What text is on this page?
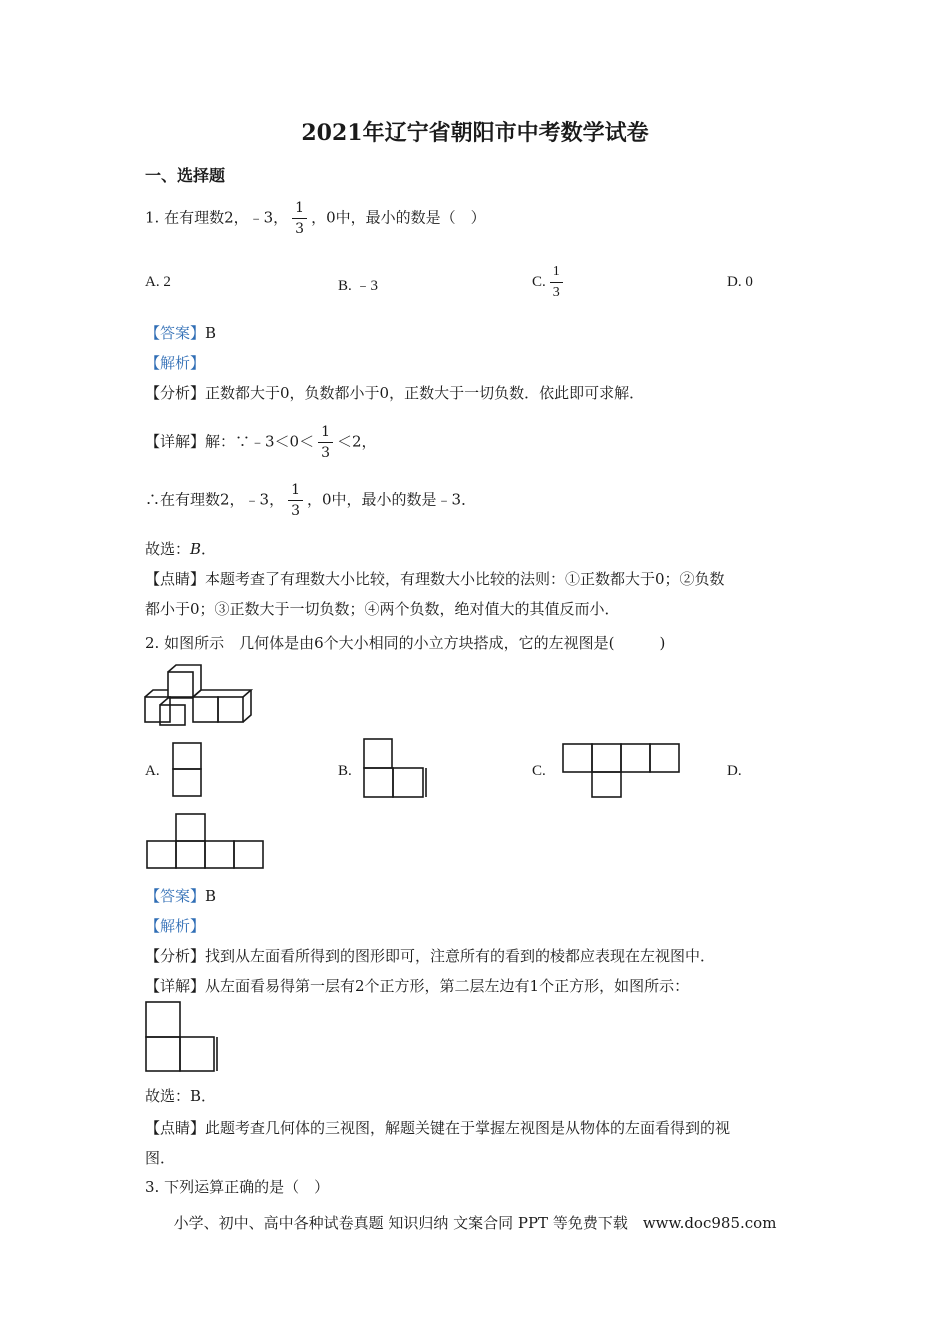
2021年辽宁省朝阳市中考数学试卷
一、选择题
1. 在有理数2，﹣3， $\frac{1}{3}$ ，0中，最小的数是（　）
A. 2	B. ﹣3	C. $\frac{1}{3}$	D. 0
【答案】B
【解析】
【分析】正数都大于0，负数都小于0，正数大于一切负数．依此即可求解．
【详解】解：∵﹣3＜0＜ $\frac{1}{3} <2$，
∴在有理数2，﹣3， $\frac{1}{3}$ ，0中，最小的数是﹣3．
故选：B．
【点睛】本题考查了有理数大小比较，有理数大小比较的法则：①正数都大于0；②负数
都小于0；③正数大于一切负数；④两个负数，绝对值大的其值反而小．
2. 如图所示　几何体是由6个大小相同的小立方块搭成，它的左视图是(　　　)
A.	B.	C.	D.
【答案】B
【解析】
【分析】找到从左面看所得到的图形即可，注意所有的看到的棱都应表现在左视图中．
【详解】从左面看易得第一层有2个正方形，第二层左边有1个正方形，如图所示：
故选：B．
【点睛】此题考查几何体的三视图，解题关键在于掌握左视图是从物体的左面看得到的视
图．
3. 下列运算正确的是（　）
小学、初中、高中各种试卷真题 知识归纳 文案合同 PPT 等免费下载　www.doc985.com
